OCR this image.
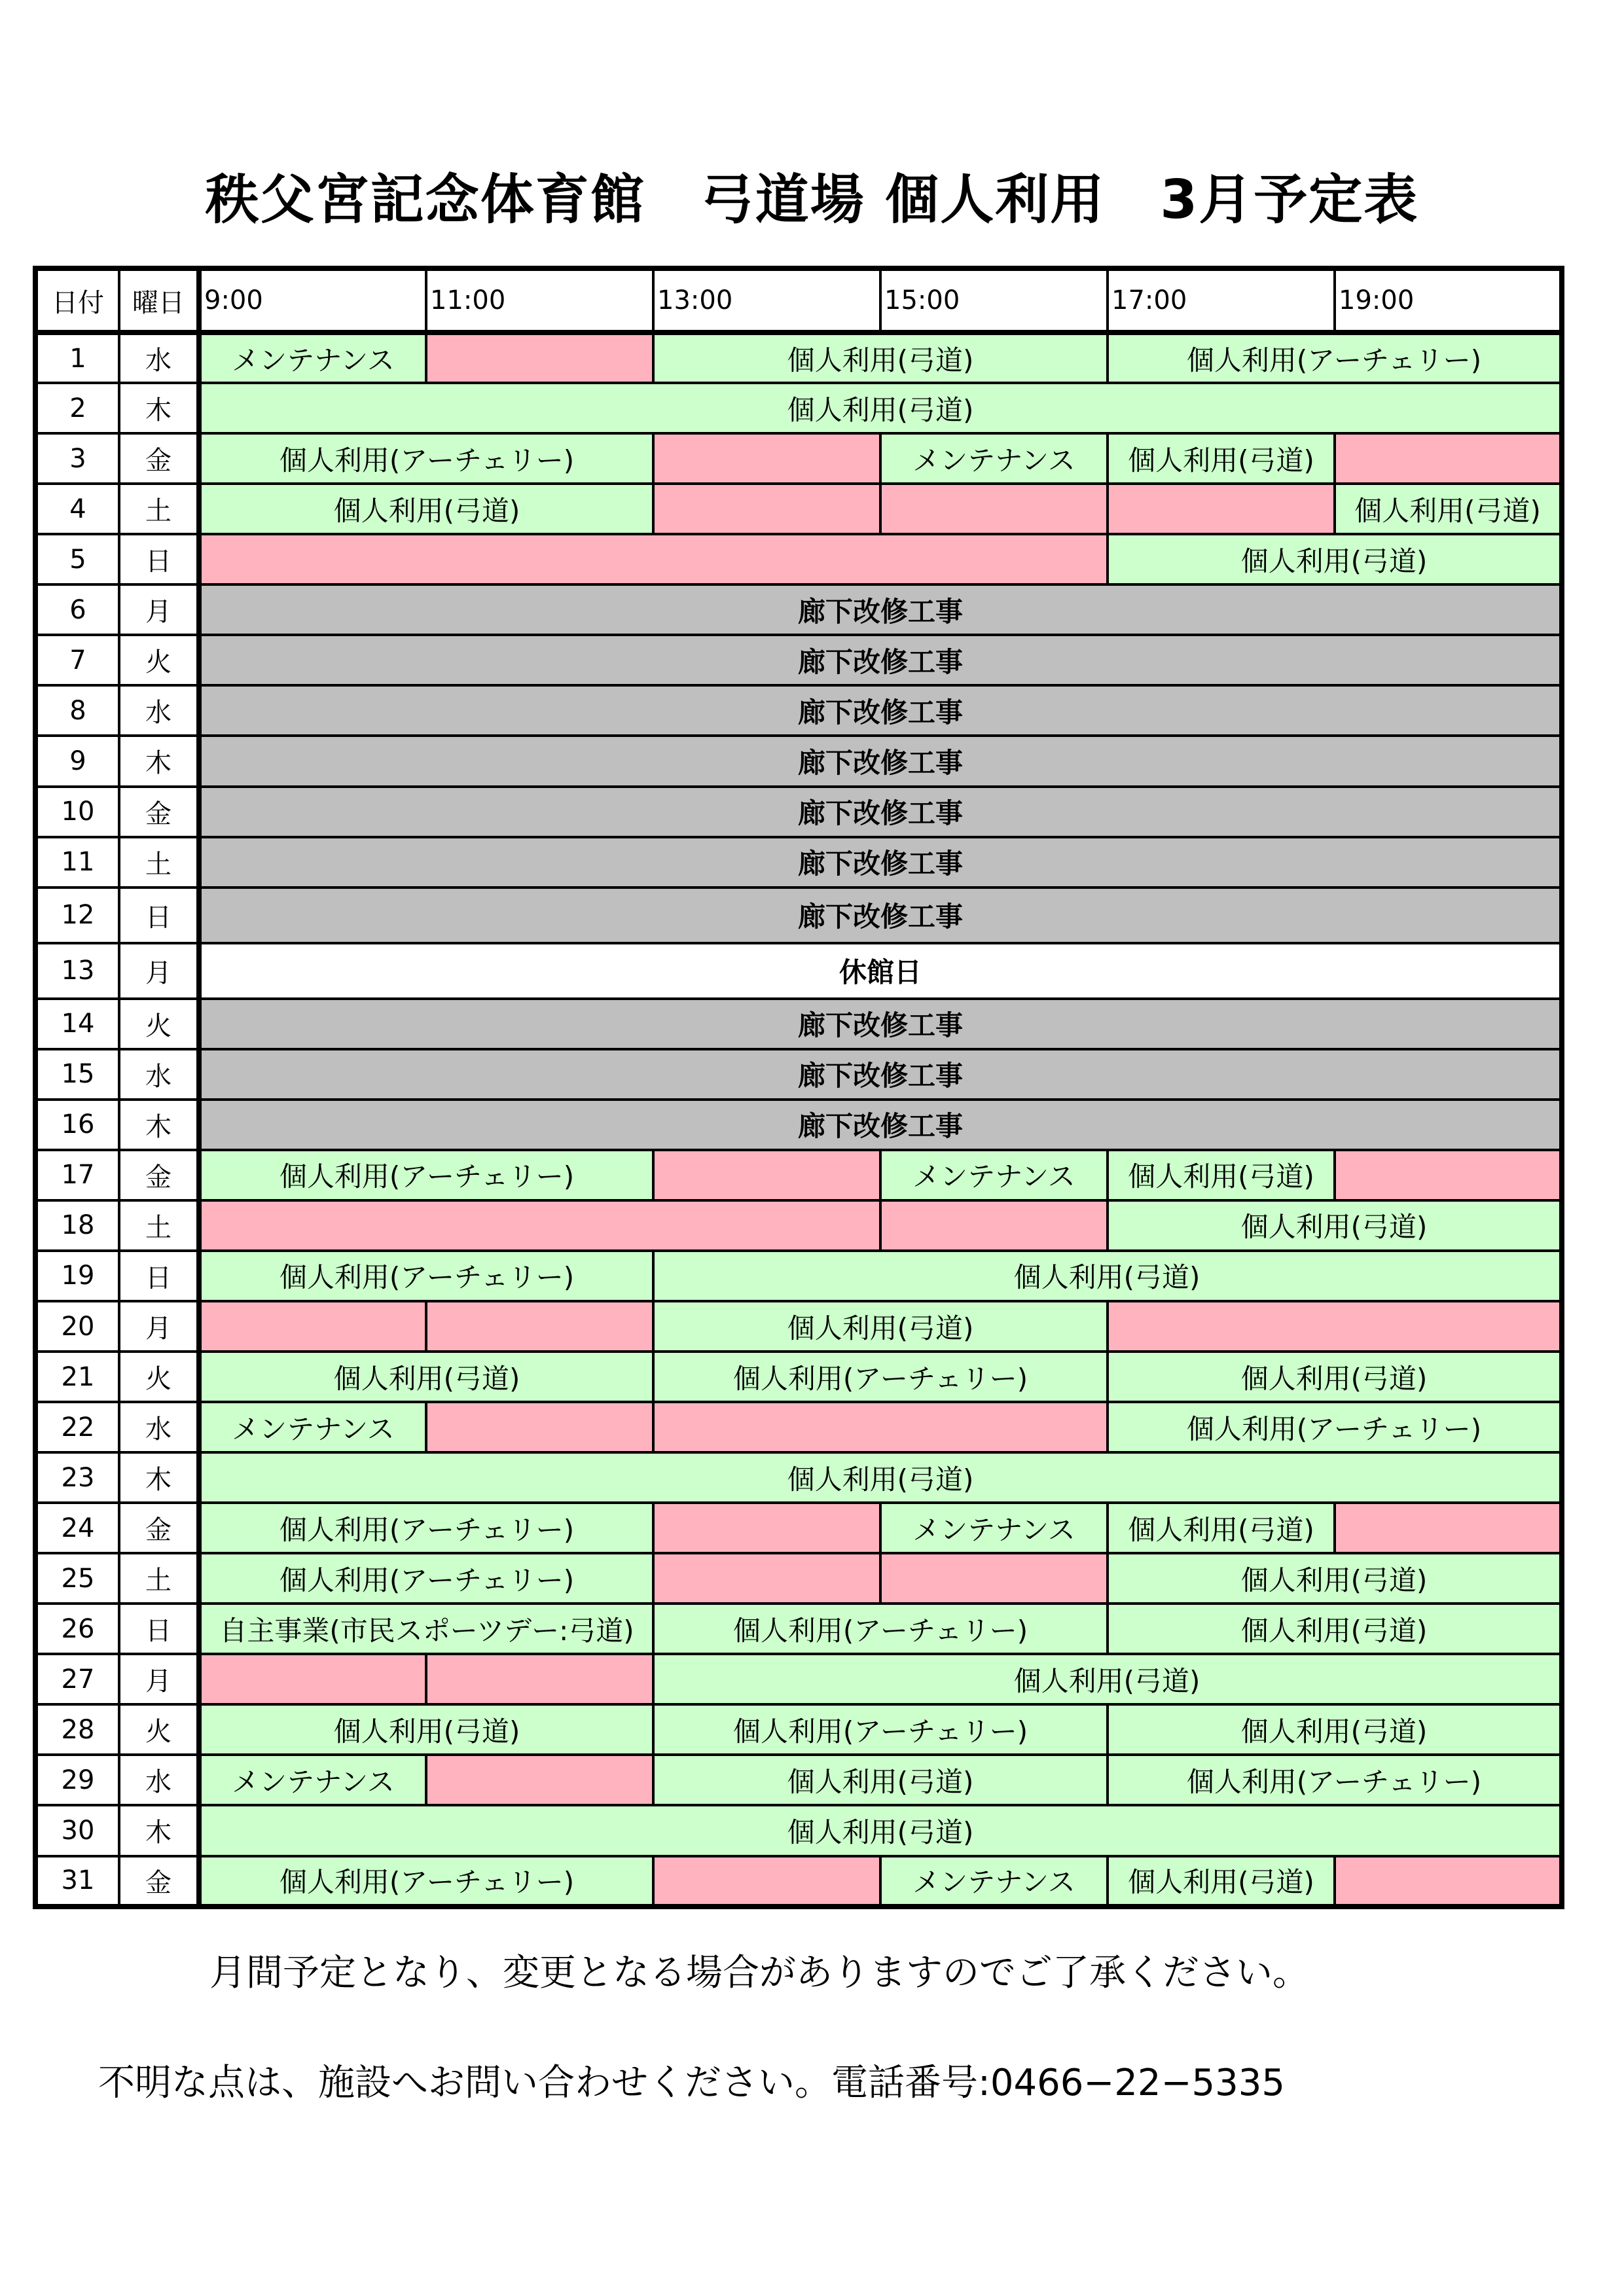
秩父宮記念体育館　弓道場 個人利用　3月予定表
日付	曜日	9:00	11:00	13:00	15:00	17:00	19:00
1	水	メンテナンス		個人利用(弓道)		個人利用(アーチェリー)	
2	木	個人利用(弓道)					
3	金	個人利用(アーチェリー)			メンテナンス	個人利用(弓道)	
4	土	個人利用(弓道)					個人利用(弓道)
5	日					個人利用(弓道)	
6	月	廊下改修工事					
7	火	廊下改修工事					
8	水	廊下改修工事					
9	木	廊下改修工事					
10	金	廊下改修工事					
11	土	廊下改修工事					
12	日	廊下改修工事					
13	月	休館日					
14	火	廊下改修工事					
15	水	廊下改修工事					
16	木	廊下改修工事					
17	金	個人利用(アーチェリー)			メンテナンス	個人利用(弓道)	
18	土					個人利用(弓道)	
19	日	個人利用(アーチェリー)		個人利用(弓道)			
20	月			個人利用(弓道)			
21	火	個人利用(弓道)		個人利用(アーチェリー)		個人利用(弓道)	
22	水	メンテナンス				個人利用(アーチェリー)	
23	木	個人利用(弓道)					
24	金	個人利用(アーチェリー)			メンテナンス	個人利用(弓道)	
25	土	個人利用(アーチェリー)				個人利用(弓道)	
26	日	自主事業(市民スポーツデー:弓道)		個人利用(アーチェリー)		個人利用(弓道)	
27	月			個人利用(弓道)			
28	火	個人利用(弓道)		個人利用(アーチェリー)		個人利用(弓道)	
29	水	メンテナンス		個人利用(弓道)		個人利用(アーチェリー)	
30	木	個人利用(弓道)					
31	金	個人利用(アーチェリー)			メンテナンス	個人利用(弓道)	
月間予定となり、変更となる場合がありますのでご了承ください。
不明な点は、施設へお問い合わせください。電話番号:0466−22−5335
